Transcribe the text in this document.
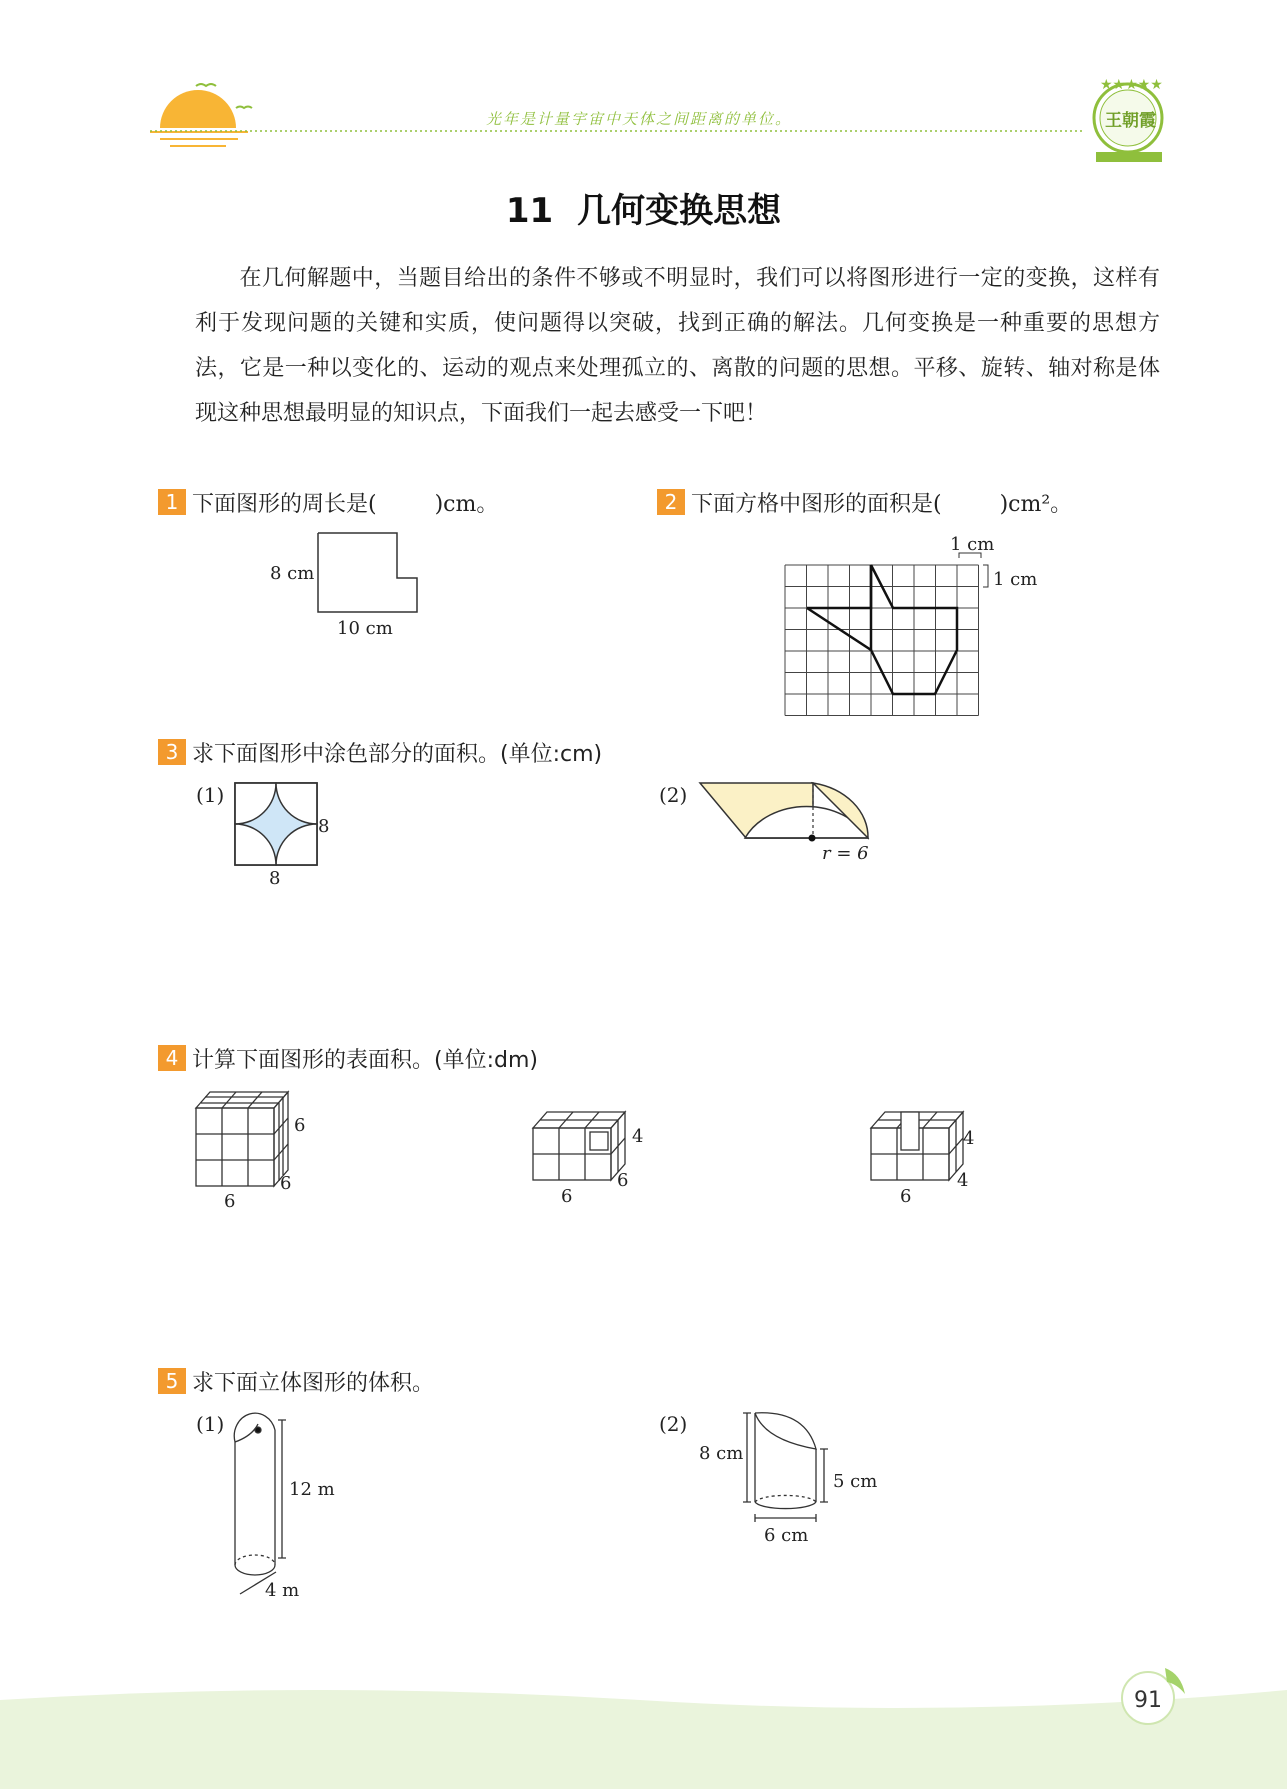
★★★★★
王朝霞
光年是计量宇宙中天体之间距离的单位。
11 几何变换思想
在几何解题中，当题目给出的条件不够或不明显时，我们可以将图形进行一定的变换，这样有利于发现问题的关键和实质，使问题得以突破，找到正确的解法。几何变换是一种重要的思想方法，它是一种以变化的、运动的观点来处理孤立的、离散的问题的思想。平移、旋转、轴对称是体现这种思想最明显的知识点，下面我们一起去感受一下吧！
1 下面图形的周长是(	)cm。
8 cm
10 cm
2 下面方格中图形的面积是(	)cm²。
1 cm
1 cm
3 求下面图形中涂色部分的面积。(单位:cm)
(1)
8
8
(2)
r = 6
4 计算下面图形的表面积。(单位:dm)
6
6
6
4
6
6
4
4
6
5 求下面立体图形的体积。
(1)
12 m
4 m
(2)
8 cm
5 cm
6 cm
91
